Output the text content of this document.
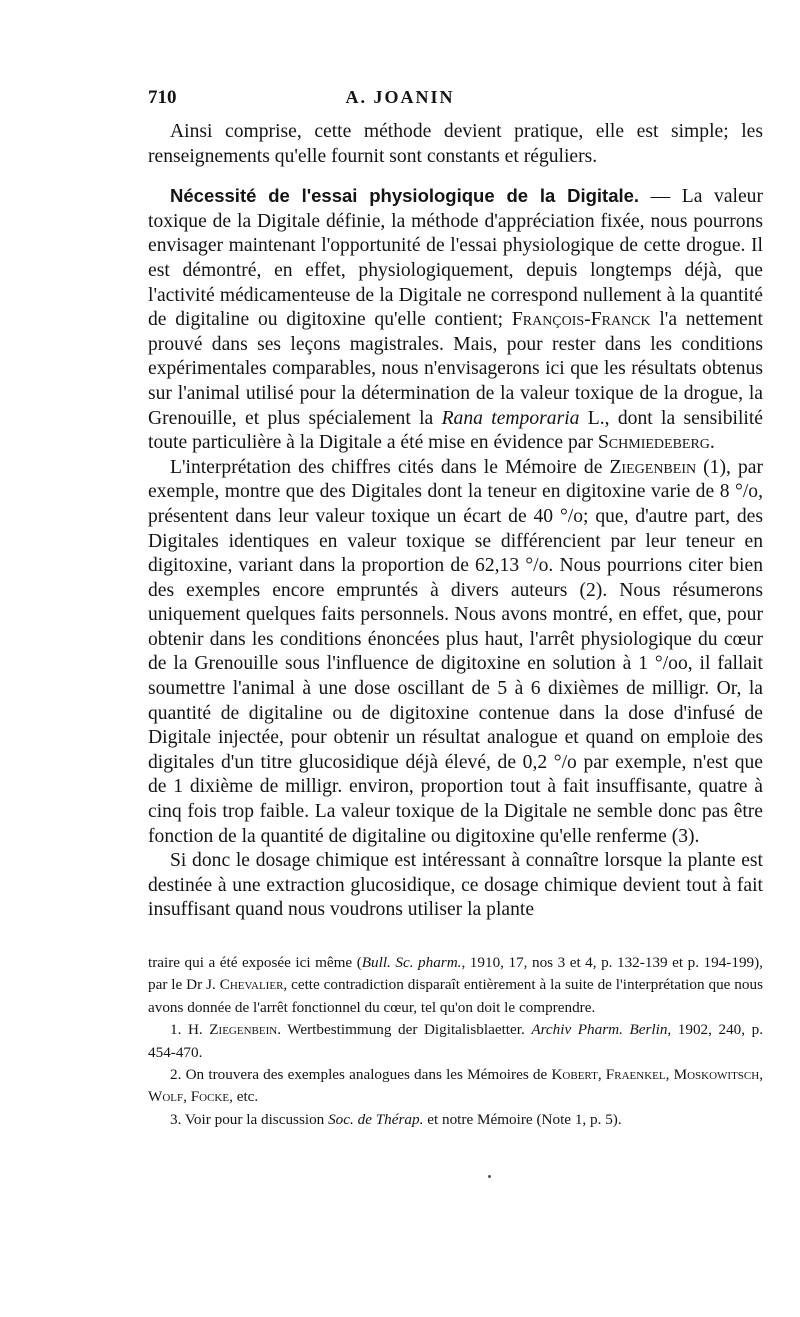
710	A. JOANIN

Ainsi comprise, cette méthode devient pratique, elle est simple; les renseignements qu'elle fournit sont constants et réguliers.

Nécessité de l'essai physiologique de la Digitale. — La valeur toxique de la Digitale définie, la méthode d'appréciation fixée, nous pourrons envisager maintenant l'opportunité de l'essai physiologique de cette drogue. Il est démontré, en effet, physiologiquement, depuis longtemps déjà, que l'activité médicamenteuse de la Digitale ne correspond nullement à la quantité de digitaline ou digitoxine qu'elle contient; François-Franck l'a nettement prouvé dans ses leçons magistrales. Mais, pour rester dans les conditions expérimentales comparables, nous n'envisagerons ici que les résultats obtenus sur l'animal utilisé pour la détermination de la valeur toxique de la drogue, la Grenouille, et plus spécialement la Rana temporaria L., dont la sensibilité toute particulière à la Digitale a été mise en évidence par Schmiedeberg.

L'interprétation des chiffres cités dans le Mémoire de Ziegenbein (1), par exemple, montre que des Digitales dont la teneur en digitoxine varie de 8 °/o, présentent dans leur valeur toxique un écart de 40 °/o; que, d'autre part, des Digitales identiques en valeur toxique se différencient par leur teneur en digitoxine, variant dans la proportion de 62,13 °/o. Nous pourrions citer bien des exemples encore empruntés à divers auteurs (2). Nous résumerons uniquement quelques faits personnels. Nous avons montré, en effet, que, pour obtenir dans les conditions énoncées plus haut, l'arrêt physiologique du cœur de la Grenouille sous l'influence de digitoxine en solution à 1 °/oo, il fallait soumettre l'animal à une dose oscillant de 5 à 6 dixièmes de milligr. Or, la quantité de digitaline ou de digitoxine contenue dans la dose d'infusé de Digitale injectée, pour obtenir un résultat analogue et quand on emploie des digitales d'un titre glucosidique déjà élevé, de 0,2 °/o par exemple, n'est que de 1 dixième de milligr. environ, proportion tout à fait insuffisante, quatre à cinq fois trop faible. La valeur toxique de la Digitale ne semble donc pas être fonction de la quantité de digitaline ou digitoxine qu'elle renferme (3).

Si donc le dosage chimique est intéressant à connaître lorsque la plante est destinée à une extraction glucosidique, ce dosage chimique devient tout à fait insuffisant quand nous voudrons utiliser la plante

traire qui a été exposée ici même (Bull. Sc. pharm., 1910, 17, nos 3 et 4, p. 132-139 et p. 194-199), par le Dr J. Chevalier, cette contradiction disparaît entièrement à la suite de l'interprétation que nous avons donnée de l'arrêt fonctionnel du cœur, tel qu'on doit le comprendre.

1. H. Ziegenbein. Wertbestimmung der Digitalisblaetter. Archiv Pharm. Berlin, 1902, 240, p. 454-470.

2. On trouvera des exemples analogues dans les Mémoires de Kobert, Fraenkel, Moskowitsch, Wolf, Focke, etc.

3. Voir pour la discussion Soc. de Thérap. et notre Mémoire (Note 1, p. 5).
